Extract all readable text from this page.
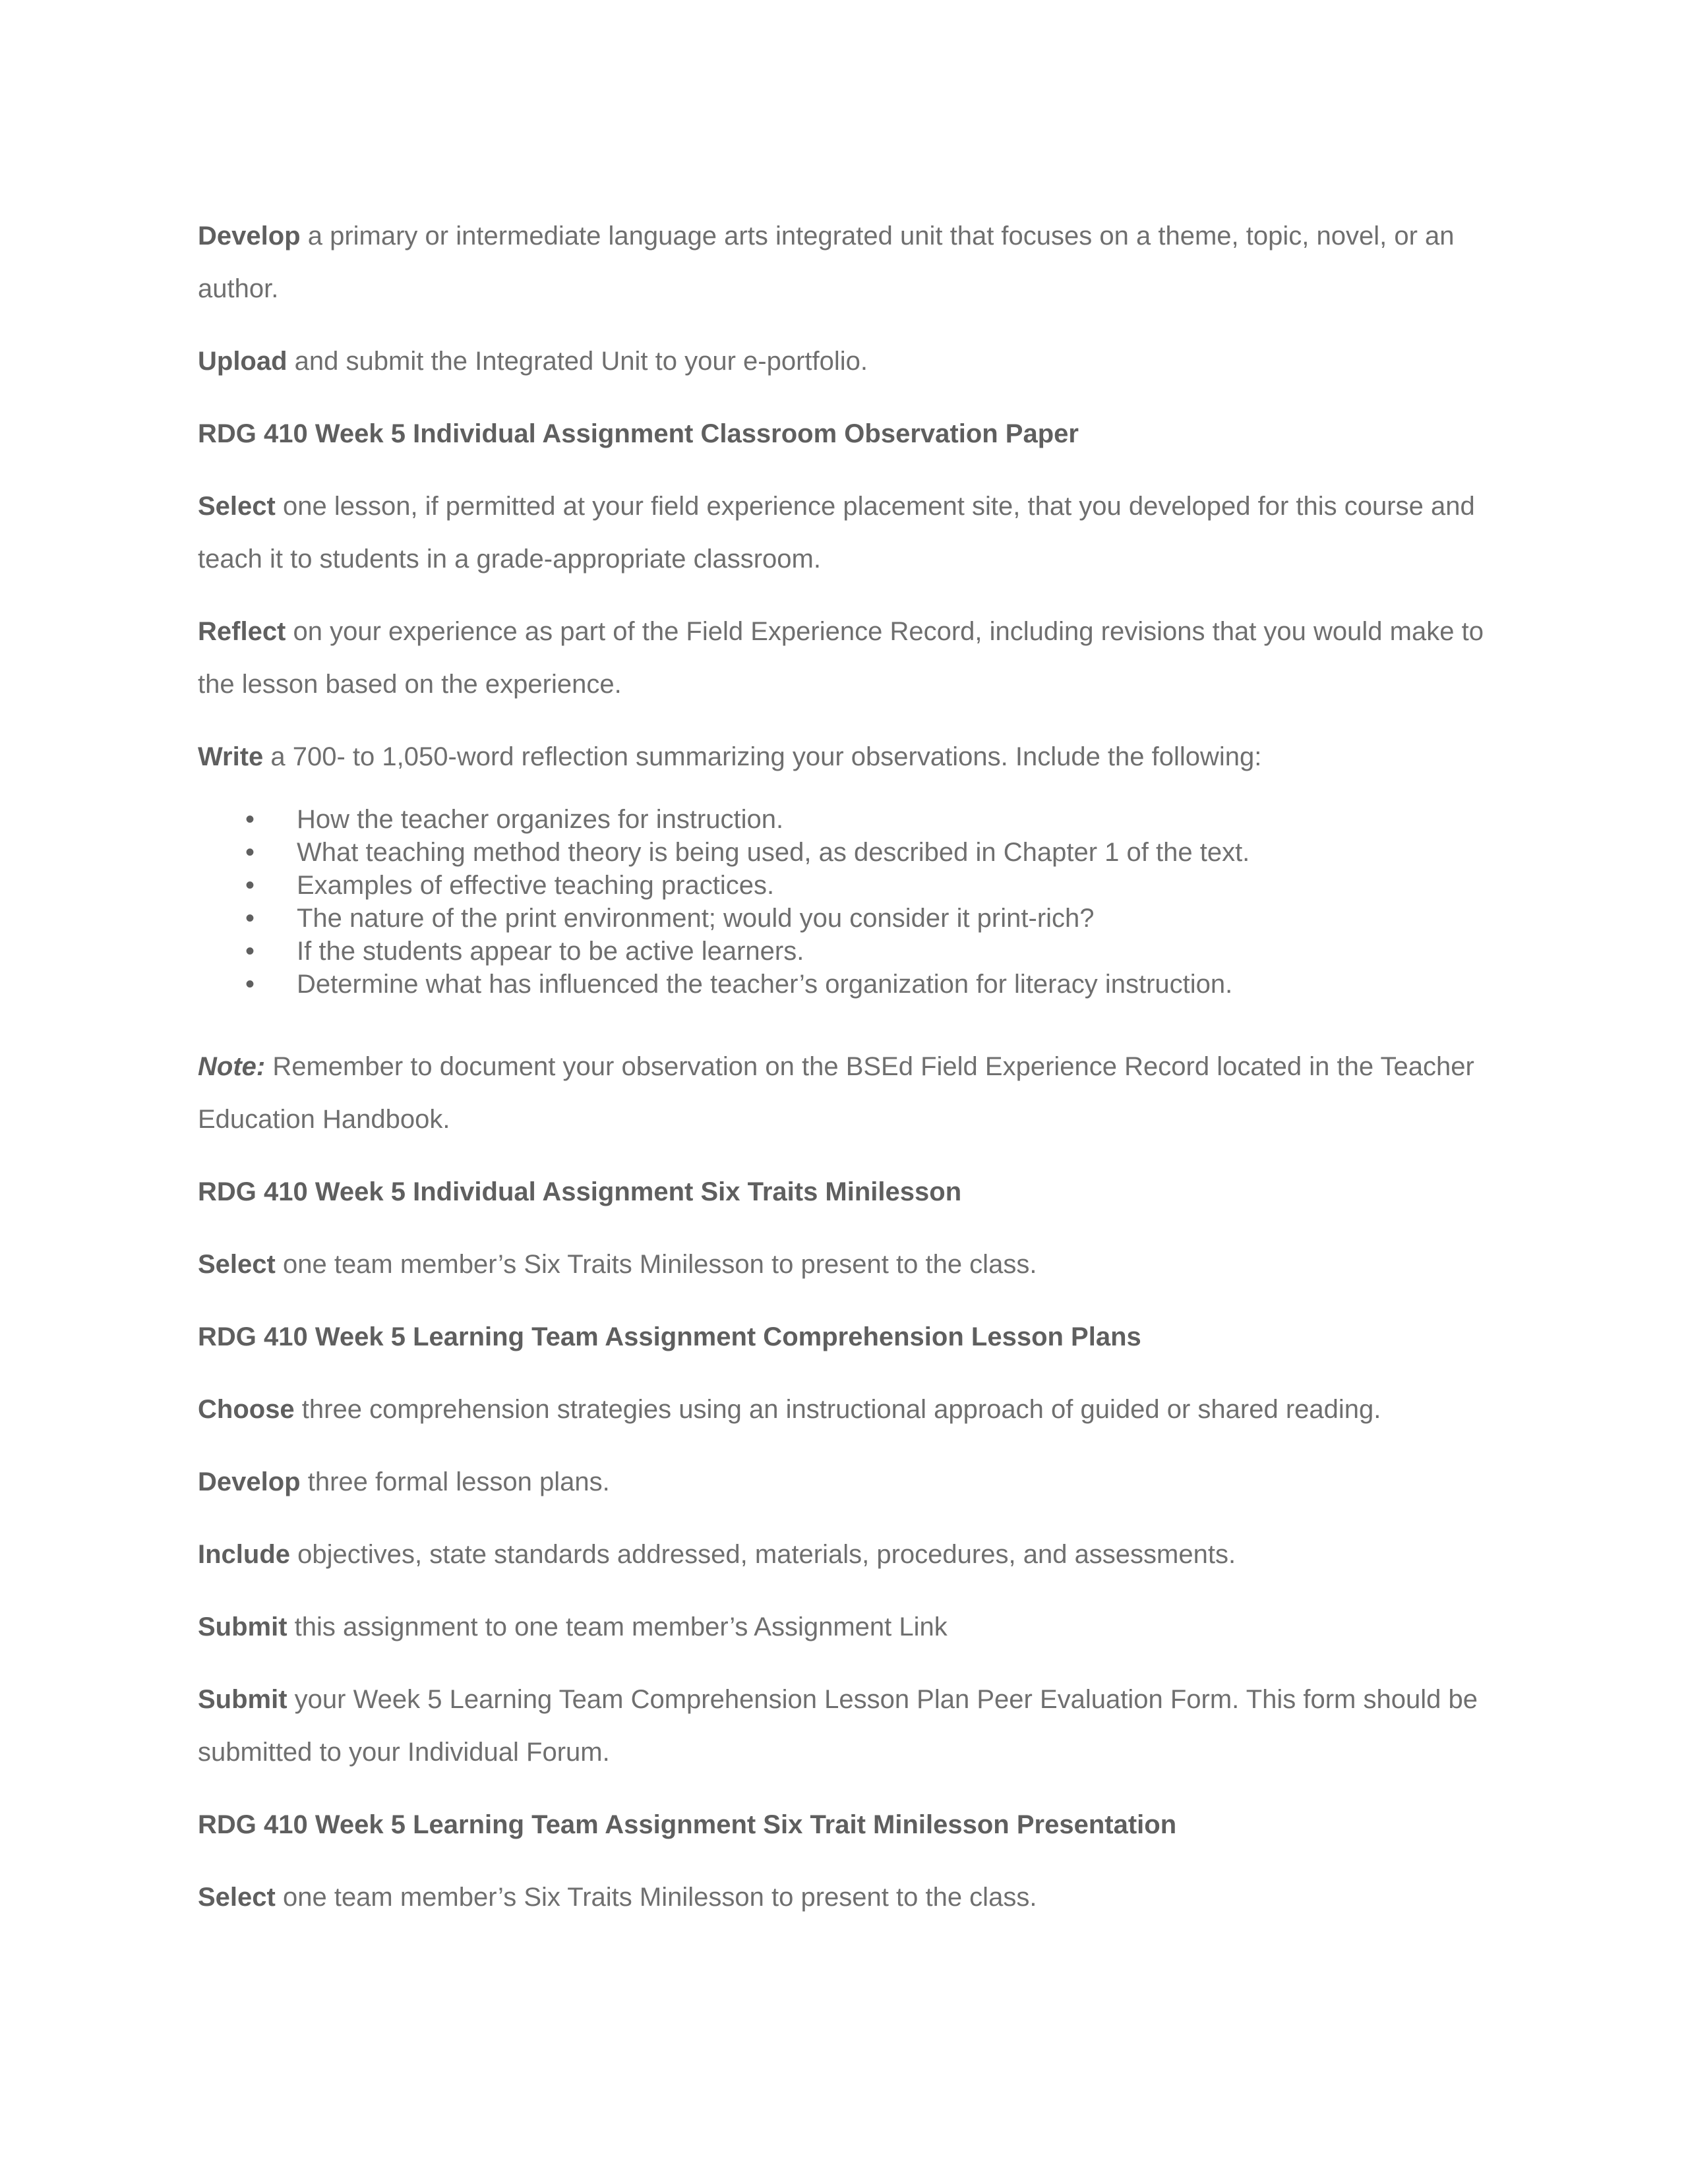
Develop a primary or intermediate language arts integrated unit that focuses on a theme, topic, novel, or an author.

Upload and submit the Integrated Unit to your e-portfolio.

RDG 410 Week 5 Individual Assignment Classroom Observation Paper

Select one lesson, if permitted at your field experience placement site, that you developed for this course and teach it to students in a grade-appropriate classroom.

Reflect on your experience as part of the Field Experience Record, including revisions that you would make to the lesson based on the experience.

Write a 700- to 1,050-word reflection summarizing your observations. Include the following:

• How the teacher organizes for instruction.
• What teaching method theory is being used, as described in Chapter 1 of the text.
• Examples of effective teaching practices.
• The nature of the print environment; would you consider it print-rich?
• If the students appear to be active learners.
• Determine what has influenced the teacher’s organization for literacy instruction.

Note: Remember to document your observation on the BSEd Field Experience Record located in the Teacher Education Handbook.

RDG 410 Week 5 Individual Assignment Six Traits Minilesson

Select one team member’s Six Traits Minilesson to present to the class.

RDG 410 Week 5 Learning Team Assignment Comprehension Lesson Plans

Choose three comprehension strategies using an instructional approach of guided or shared reading.

Develop three formal lesson plans.

Include objectives, state standards addressed, materials, procedures, and assessments.

Submit this assignment to one team member’s Assignment Link

Submit your Week 5 Learning Team Comprehension Lesson Plan Peer Evaluation Form. This form should be submitted to your Individual Forum.

RDG 410 Week 5 Learning Team Assignment Six Trait Minilesson Presentation

Select one team member’s Six Traits Minilesson to present to the class.
